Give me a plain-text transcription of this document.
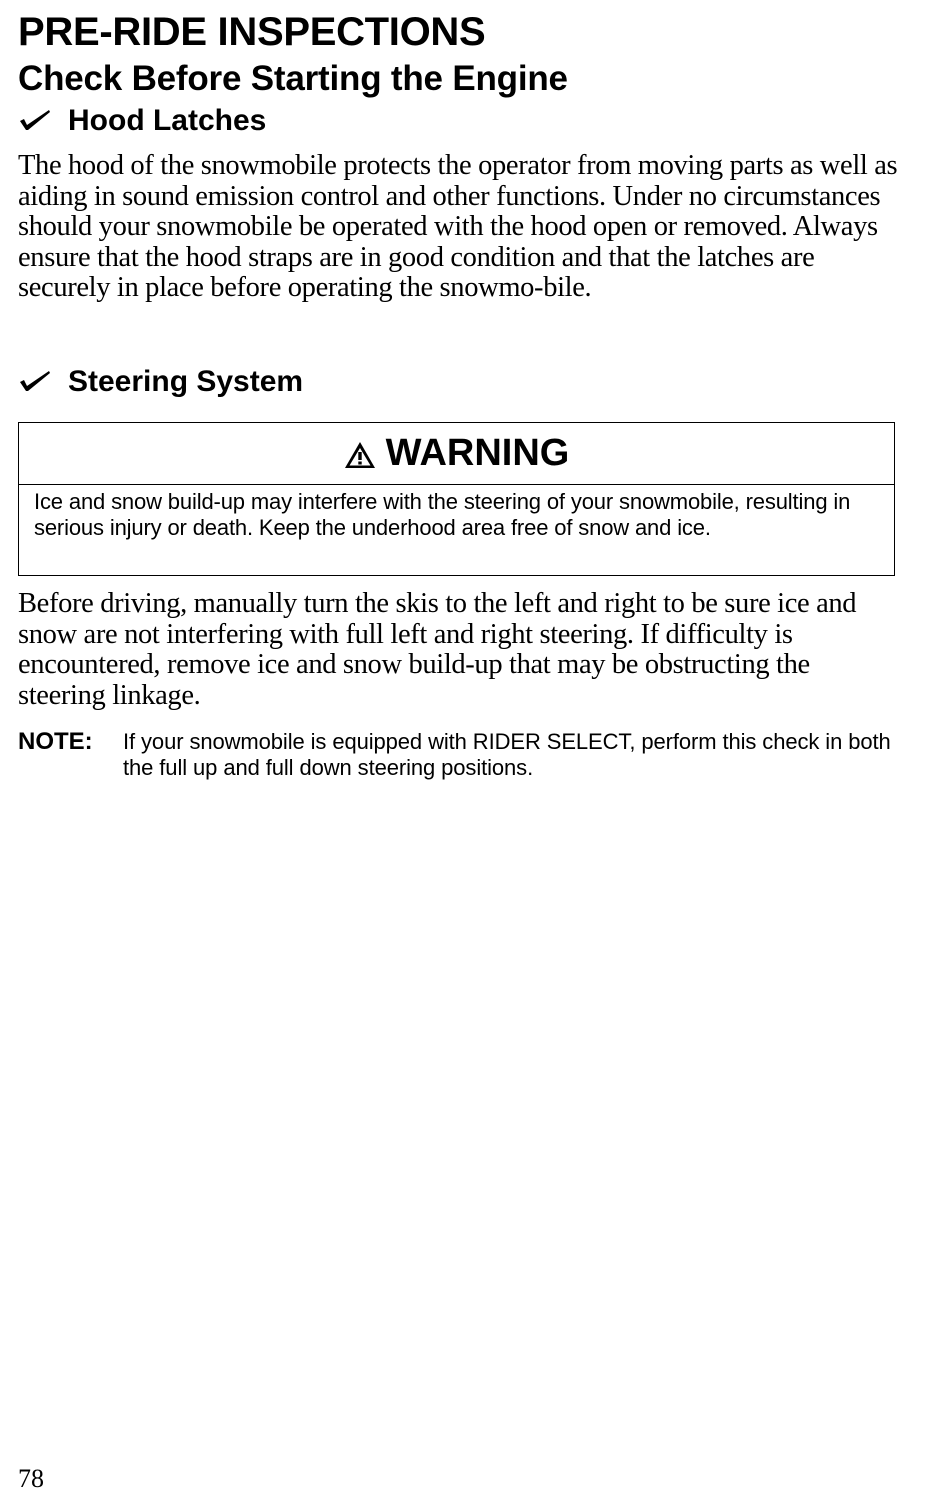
PRE-RIDE INSPECTIONS
Check Before Starting the Engine
Hood Latches

The hood of the snowmobile protects the operator from moving parts as well as aiding in sound emission control and other functions. Under no circumstances should your snowmobile be operated with the hood open or removed. Always ensure that the hood straps are in good condition and that the latches are securely in place before operating the snowmo-bile.

Steering System
WARNING
Ice and snow build-up may interfere with the steering of your snowmobile, resulting in serious injury or death. Keep the underhood area free of snow and ice.

Before driving, manually turn the skis to the left and right to be sure ice and snow are not interfering with full left and right steering. If difficulty is encountered, remove ice and snow build-up that may be obstructing the steering linkage.

NOTE:	If your snowmobile is equipped with RIDER SELECT, perform this check in both the full up and full down steering positions.
78
